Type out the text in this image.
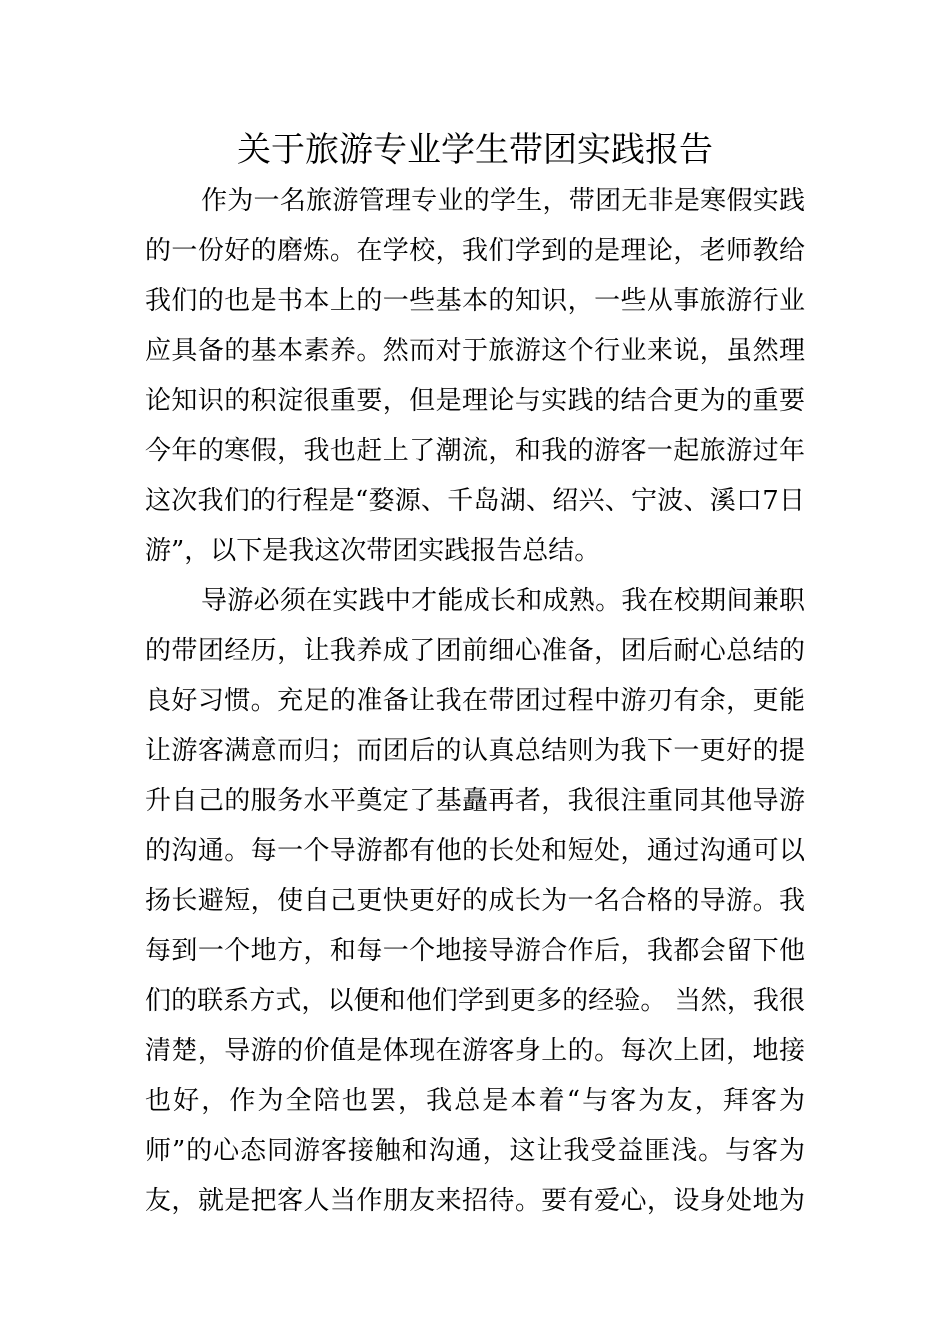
关于旅游专业学生带团实践报告
作为一名旅游管理专业的学生，带团无非是寒假实践
的一份好的磨炼。在学校，我们学到的是理论，老师教给
我们的也是书本上的一些基本的知识，一些从事旅游行业
应具备的基本素养。然而对于旅游这个行业来说，虽然理
论知识的积淀很重要，但是理论与实践的结合更为的重要
今年的寒假，我也赶上了潮流，和我的游客一起旅游过年
这次我们的行程是“婺源、千岛湖、绍兴、宁波、溪口7日
游”，以下是我这次带团实践报告总结。
导游必须在实践中才能成长和成熟。我在校期间兼职
的带团经历，让我养成了团前细心准备，团后耐心总结的
良好习惯。充足的准备让我在带团过程中游刃有余，更能
让游客满意而归；而团后的认真总结则为我下一更好的提
升自己的服务水平奠定了基矗再者，我很注重同其他导游
的沟通。每一个导游都有他的长处和短处，通过沟通可以
扬长避短，使自己更快更好的成长为一名合格的导游。我
每到一个地方，和每一个地接导游合作后，我都会留下他
们的联系方式，以便和他们学到更多的经验。 当然，我很
清楚，导游的价值是体现在游客身上的。每次上团，地接
也好，作为全陪也罢，我总是本着“与客为友，拜客为
师”的心态同游客接触和沟通，这让我受益匪浅。与客为
友，就是把客人当作朋友来招待。要有爱心，设身处地为
